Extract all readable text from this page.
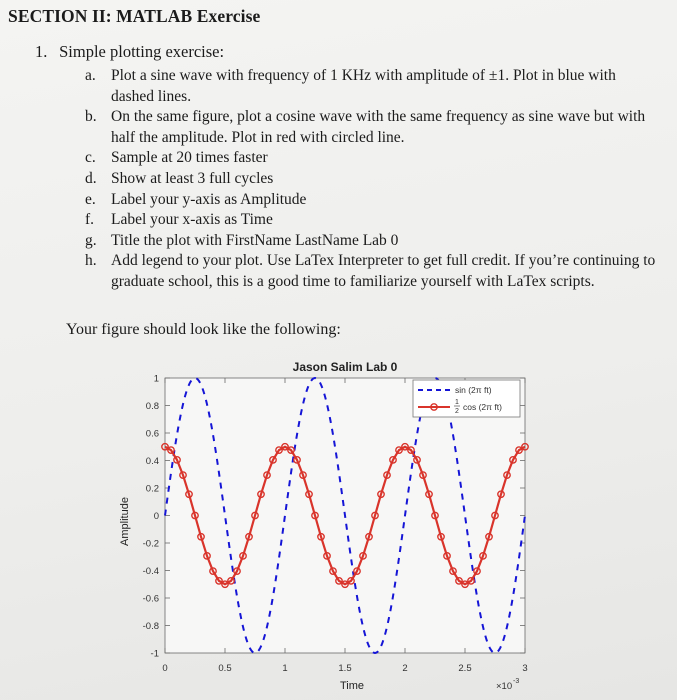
SECTION II: MATLAB Exercise
1. Simple plotting exercise:
a. Plot a sine wave with frequency of 1 KHz with amplitude of ±1. Plot in blue with dashed lines.
b. On the same figure, plot a cosine wave with the same frequency as sine wave but with half the amplitude. Plot in red with circled line.
c. Sample at 20 times faster
d. Show at least 3 full cycles
e. Label your y-axis as Amplitude
f. Label your x-axis as Time
g. Title the plot with FirstName LastName Lab 0
h. Add legend to your plot. Use LaTex Interpreter to get full credit. If you’re continuing to graduate school, this is a good time to familiarize yourself with LaTex scripts.
Your figure should look like the following:
Jason Salim Lab 0
1
0.8
0.6
0.4
0.2
0
-0.2
-0.4
-0.6
-0.8
-1
0	0.5	1	1.5	2	2.5	3
Time
Amplitude
×10 -3
sin (2π ft)
1
2 cos (2π ft)
